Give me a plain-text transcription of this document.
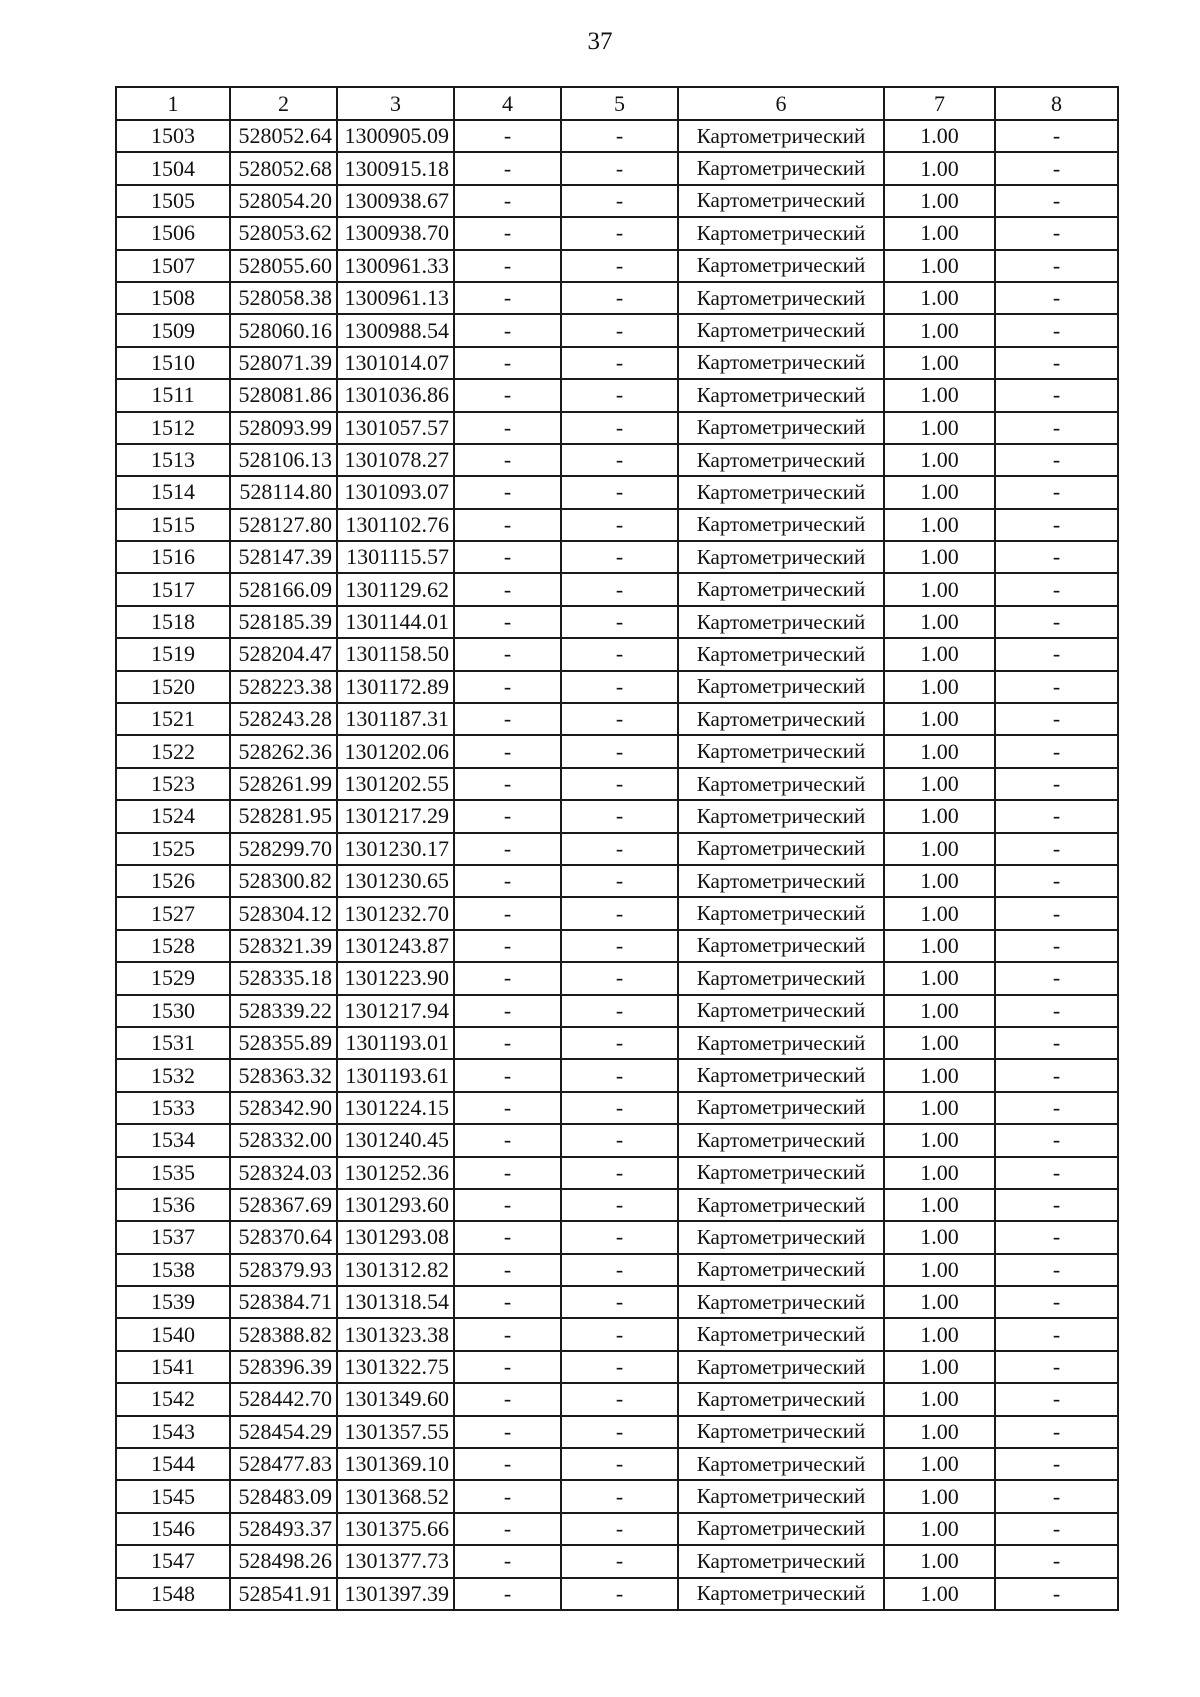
37
1	2	3	4	5	6	7	8
1503	528052.64	1300905.09	-	-	Картометрический	1.00	-
1504	528052.68	1300915.18	-	-	Картометрический	1.00	-
1505	528054.20	1300938.67	-	-	Картометрический	1.00	-
1506	528053.62	1300938.70	-	-	Картометрический	1.00	-
1507	528055.60	1300961.33	-	-	Картометрический	1.00	-
1508	528058.38	1300961.13	-	-	Картометрический	1.00	-
1509	528060.16	1300988.54	-	-	Картометрический	1.00	-
1510	528071.39	1301014.07	-	-	Картометрический	1.00	-
1511	528081.86	1301036.86	-	-	Картометрический	1.00	-
1512	528093.99	1301057.57	-	-	Картометрический	1.00	-
1513	528106.13	1301078.27	-	-	Картометрический	1.00	-
1514	528114.80	1301093.07	-	-	Картометрический	1.00	-
1515	528127.80	1301102.76	-	-	Картометрический	1.00	-
1516	528147.39	1301115.57	-	-	Картометрический	1.00	-
1517	528166.09	1301129.62	-	-	Картометрический	1.00	-
1518	528185.39	1301144.01	-	-	Картометрический	1.00	-
1519	528204.47	1301158.50	-	-	Картометрический	1.00	-
1520	528223.38	1301172.89	-	-	Картометрический	1.00	-
1521	528243.28	1301187.31	-	-	Картометрический	1.00	-
1522	528262.36	1301202.06	-	-	Картометрический	1.00	-
1523	528261.99	1301202.55	-	-	Картометрический	1.00	-
1524	528281.95	1301217.29	-	-	Картометрический	1.00	-
1525	528299.70	1301230.17	-	-	Картометрический	1.00	-
1526	528300.82	1301230.65	-	-	Картометрический	1.00	-
1527	528304.12	1301232.70	-	-	Картометрический	1.00	-
1528	528321.39	1301243.87	-	-	Картометрический	1.00	-
1529	528335.18	1301223.90	-	-	Картометрический	1.00	-
1530	528339.22	1301217.94	-	-	Картометрический	1.00	-
1531	528355.89	1301193.01	-	-	Картометрический	1.00	-
1532	528363.32	1301193.61	-	-	Картометрический	1.00	-
1533	528342.90	1301224.15	-	-	Картометрический	1.00	-
1534	528332.00	1301240.45	-	-	Картометрический	1.00	-
1535	528324.03	1301252.36	-	-	Картометрический	1.00	-
1536	528367.69	1301293.60	-	-	Картометрический	1.00	-
1537	528370.64	1301293.08	-	-	Картометрический	1.00	-
1538	528379.93	1301312.82	-	-	Картометрический	1.00	-
1539	528384.71	1301318.54	-	-	Картометрический	1.00	-
1540	528388.82	1301323.38	-	-	Картометрический	1.00	-
1541	528396.39	1301322.75	-	-	Картометрический	1.00	-
1542	528442.70	1301349.60	-	-	Картометрический	1.00	-
1543	528454.29	1301357.55	-	-	Картометрический	1.00	-
1544	528477.83	1301369.10	-	-	Картометрический	1.00	-
1545	528483.09	1301368.52	-	-	Картометрический	1.00	-
1546	528493.37	1301375.66	-	-	Картометрический	1.00	-
1547	528498.26	1301377.73	-	-	Картометрический	1.00	-
1548	528541.91	1301397.39	-	-	Картометрический	1.00	-
